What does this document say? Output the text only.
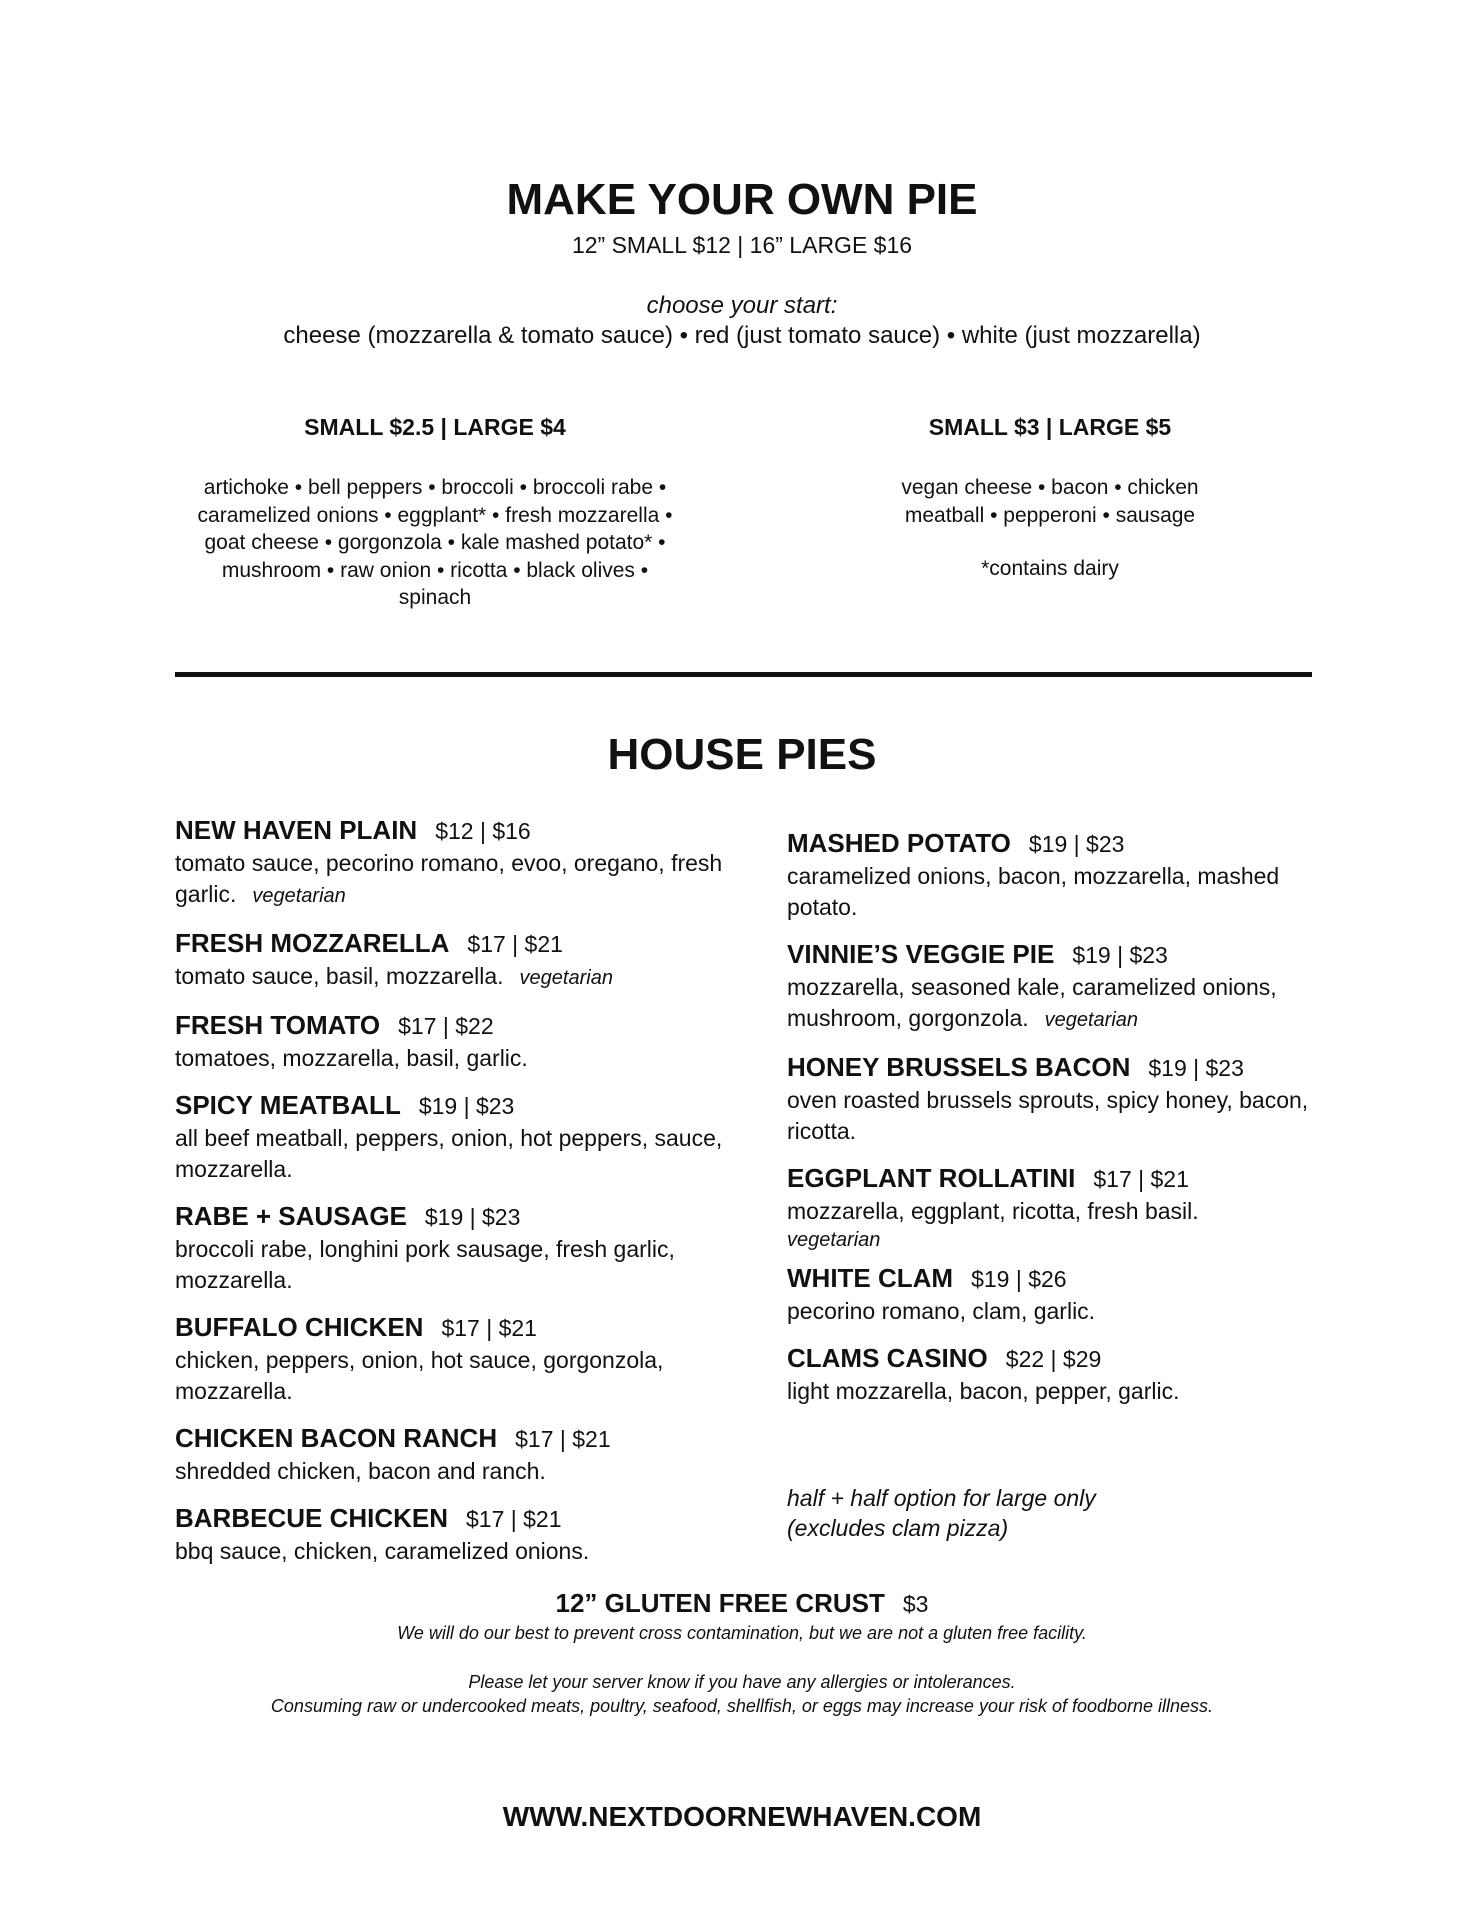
MAKE YOUR OWN PIE
12” SMALL $12 | 16” LARGE $16
choose your start:
cheese (mozzarella & tomato sauce) • red (just tomato sauce) • white (just mozzarella)
SMALL $2.5 | LARGE $4
artichoke • bell peppers • broccoli • broccoli rabe •
caramelized onions • eggplant* • fresh mozzarella •
goat cheese • gorgonzola • kale mashed potato* •
mushroom • raw onion • ricotta • black olives •
spinach
SMALL $3 | LARGE $5
vegan cheese • bacon • chicken
meatball • pepperoni • sausage
*contains dairy
HOUSE PIES
NEW HAVEN PLAIN $12 | $16
tomato sauce, pecorino romano, evoo, oregano, fresh garlic. vegetarian
FRESH MOZZARELLA $17 | $21
tomato sauce, basil, mozzarella. vegetarian
FRESH TOMATO $17 | $22
tomatoes, mozzarella, basil, garlic.
SPICY MEATBALL $19 | $23
all beef meatball, peppers, onion, hot peppers, sauce, mozzarella.
RABE + SAUSAGE $19 | $23
broccoli rabe, longhini pork sausage, fresh garlic, mozzarella.
BUFFALO CHICKEN $17 | $21
chicken, peppers, onion, hot sauce, gorgonzola, mozzarella.
CHICKEN BACON RANCH $17 | $21
shredded chicken, bacon and ranch.
BARBECUE CHICKEN $17 | $21
bbq sauce, chicken, caramelized onions.
MASHED POTATO $19 | $23
caramelized onions, bacon, mozzarella, mashed potato.
VINNIE’S VEGGIE PIE $19 | $23
mozzarella, seasoned kale, caramelized onions, mushroom, gorgonzola. vegetarian
HONEY BRUSSELS BACON $19 | $23
oven roasted brussels sprouts, spicy honey, bacon, ricotta.
EGGPLANT ROLLATINI $17 | $21
mozzarella, eggplant, ricotta, fresh basil.
vegetarian
WHITE CLAM $19 | $26
pecorino romano, clam, garlic.
CLAMS CASINO $22 | $29
light mozzarella, bacon, pepper, garlic.
half + half option for large only
(excludes clam pizza)
12” GLUTEN FREE CRUST $3
We will do our best to prevent cross contamination, but we are not a gluten free facility.
Please let your server know if you have any allergies or intolerances.
Consuming raw or undercooked meats, poultry, seafood, shellfish, or eggs may increase your risk of foodborne illness.
WWW.NEXTDOORNEWHAVEN.COM
